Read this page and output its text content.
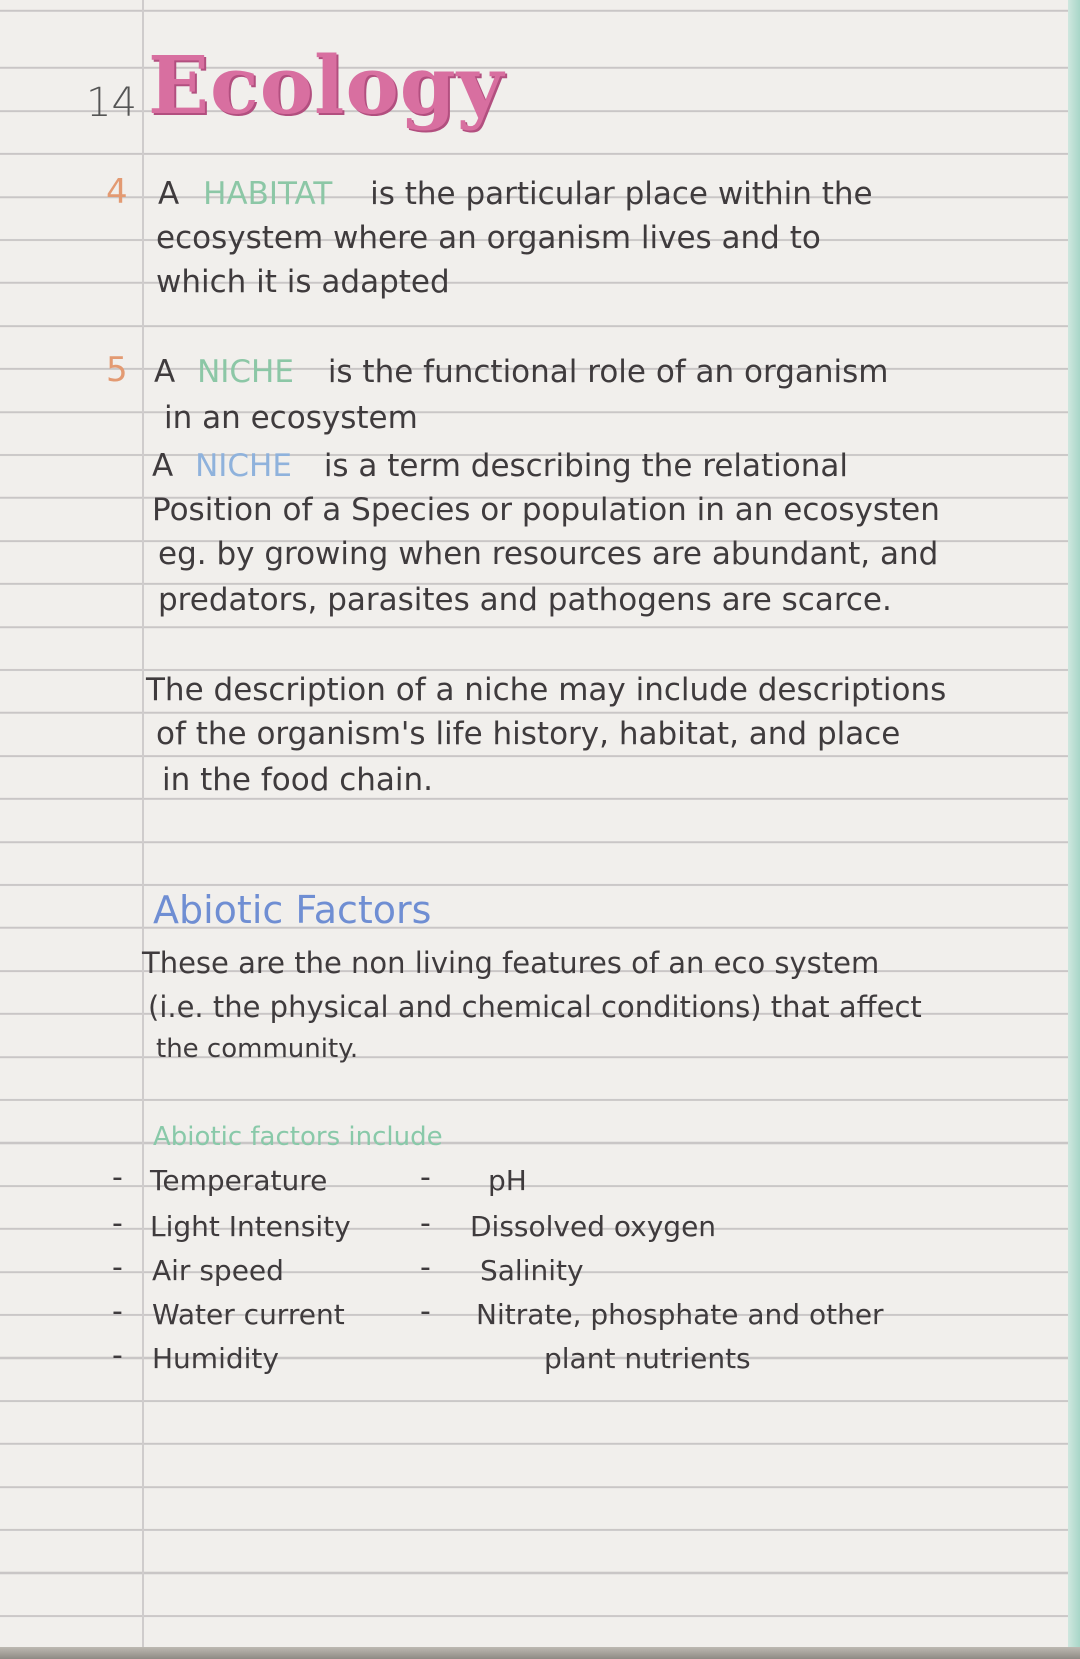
14 Ecology
4 A HABITAT is the particular place within the
ecosystem where an organism lives and to
which it is adapted
5 A NICHE is the functional role of an organism
in an ecosystem
A NICHE is a term describing the relational
Position of a Species or population in an ecosysten
eg. by growing when resources are abundant, and
predators, parasites and pathogens are scarce.
The description of a niche may include descriptions
of the organism's life history, habitat, and place
in the food chain.
Abiotic Factors
These are the non living features of an eco system
(i.e. the physical and chemical conditions) that affect
the community.
Abiotic factors include
- Temperature
- Light Intensity
- Air speed
- Water current
- Humidity
- pH
- Dissolved oxygen
- Salinity
- Nitrate, phosphate and other
plant nutrients
